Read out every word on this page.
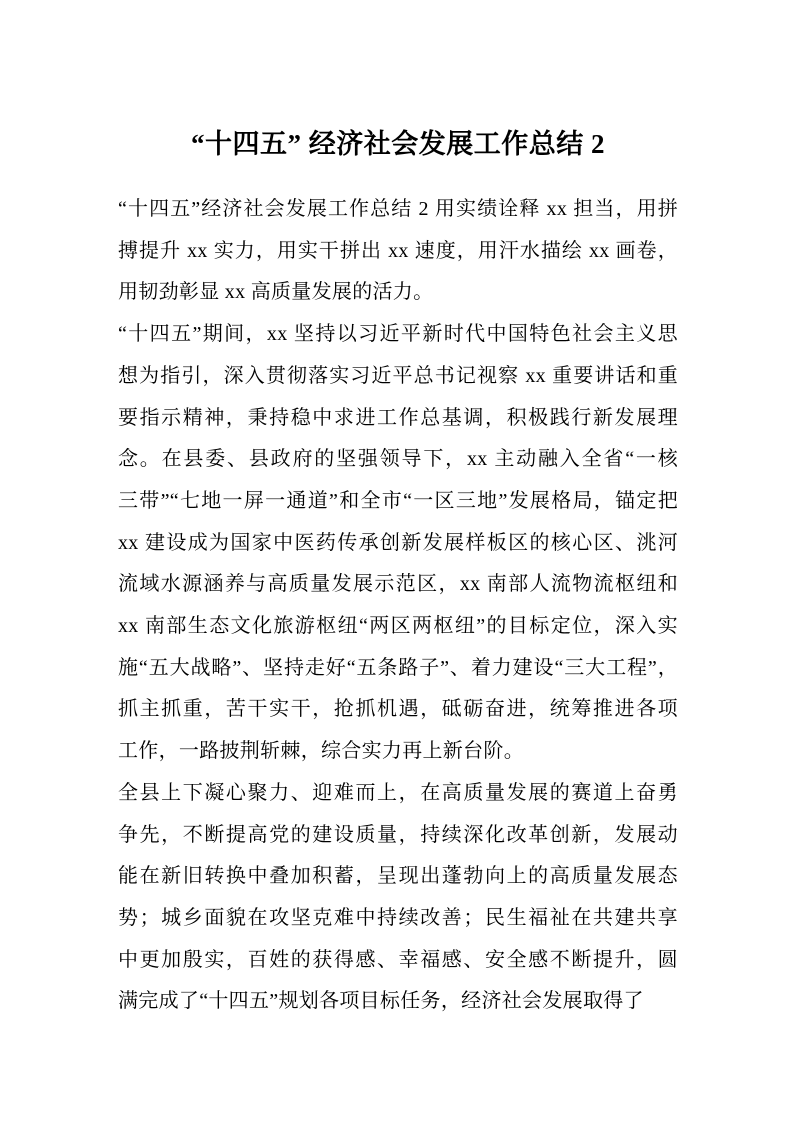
“十四五” 经济社会发展工作总结 2
“十四五”经济社会发展工作总结 2 用实绩诠释 xx 担当，用拼
搏提升 xx 实力，用实干拼出 xx 速度，用汗水描绘 xx 画卷，
用韧劲彰显 xx 高质量发展的活力。
“十四五”期间，xx 坚持以习近平新时代中国特色社会主义思
想为指引，深入贯彻落实习近平总书记视察 xx 重要讲话和重
要指示精神，秉持稳中求进工作总基调，积极践行新发展理
念。在县委、县政府的坚强领导下，xx 主动融入全省“一核
三带”“七地一屏一通道”和全市“一区三地”发展格局，锚定把
xx 建设成为国家中医药传承创新发展样板区的核心区、洮河
流域水源涵养与高质量发展示范区，xx 南部人流物流枢纽和
xx 南部生态文化旅游枢纽“两区两枢纽”的目标定位，深入实
施“五大战略”、坚持走好“五条路子”、着力建设“三大工程”，
抓主抓重，苦干实干，抢抓机遇，砥砺奋进，统筹推进各项
工作，一路披荆斩棘，综合实力再上新台阶。
全县上下凝心聚力、迎难而上，在高质量发展的赛道上奋勇
争先，不断提高党的建设质量，持续深化改革创新，发展动
能在新旧转换中叠加积蓄，呈现出蓬勃向上的高质量发展态
势；城乡面貌在攻坚克难中持续改善；民生福祉在共建共享
中更加殷实，百姓的获得感、幸福感、安全感不断提升，圆
满完成了“十四五”规划各项目标任务，经济社会发展取得了
